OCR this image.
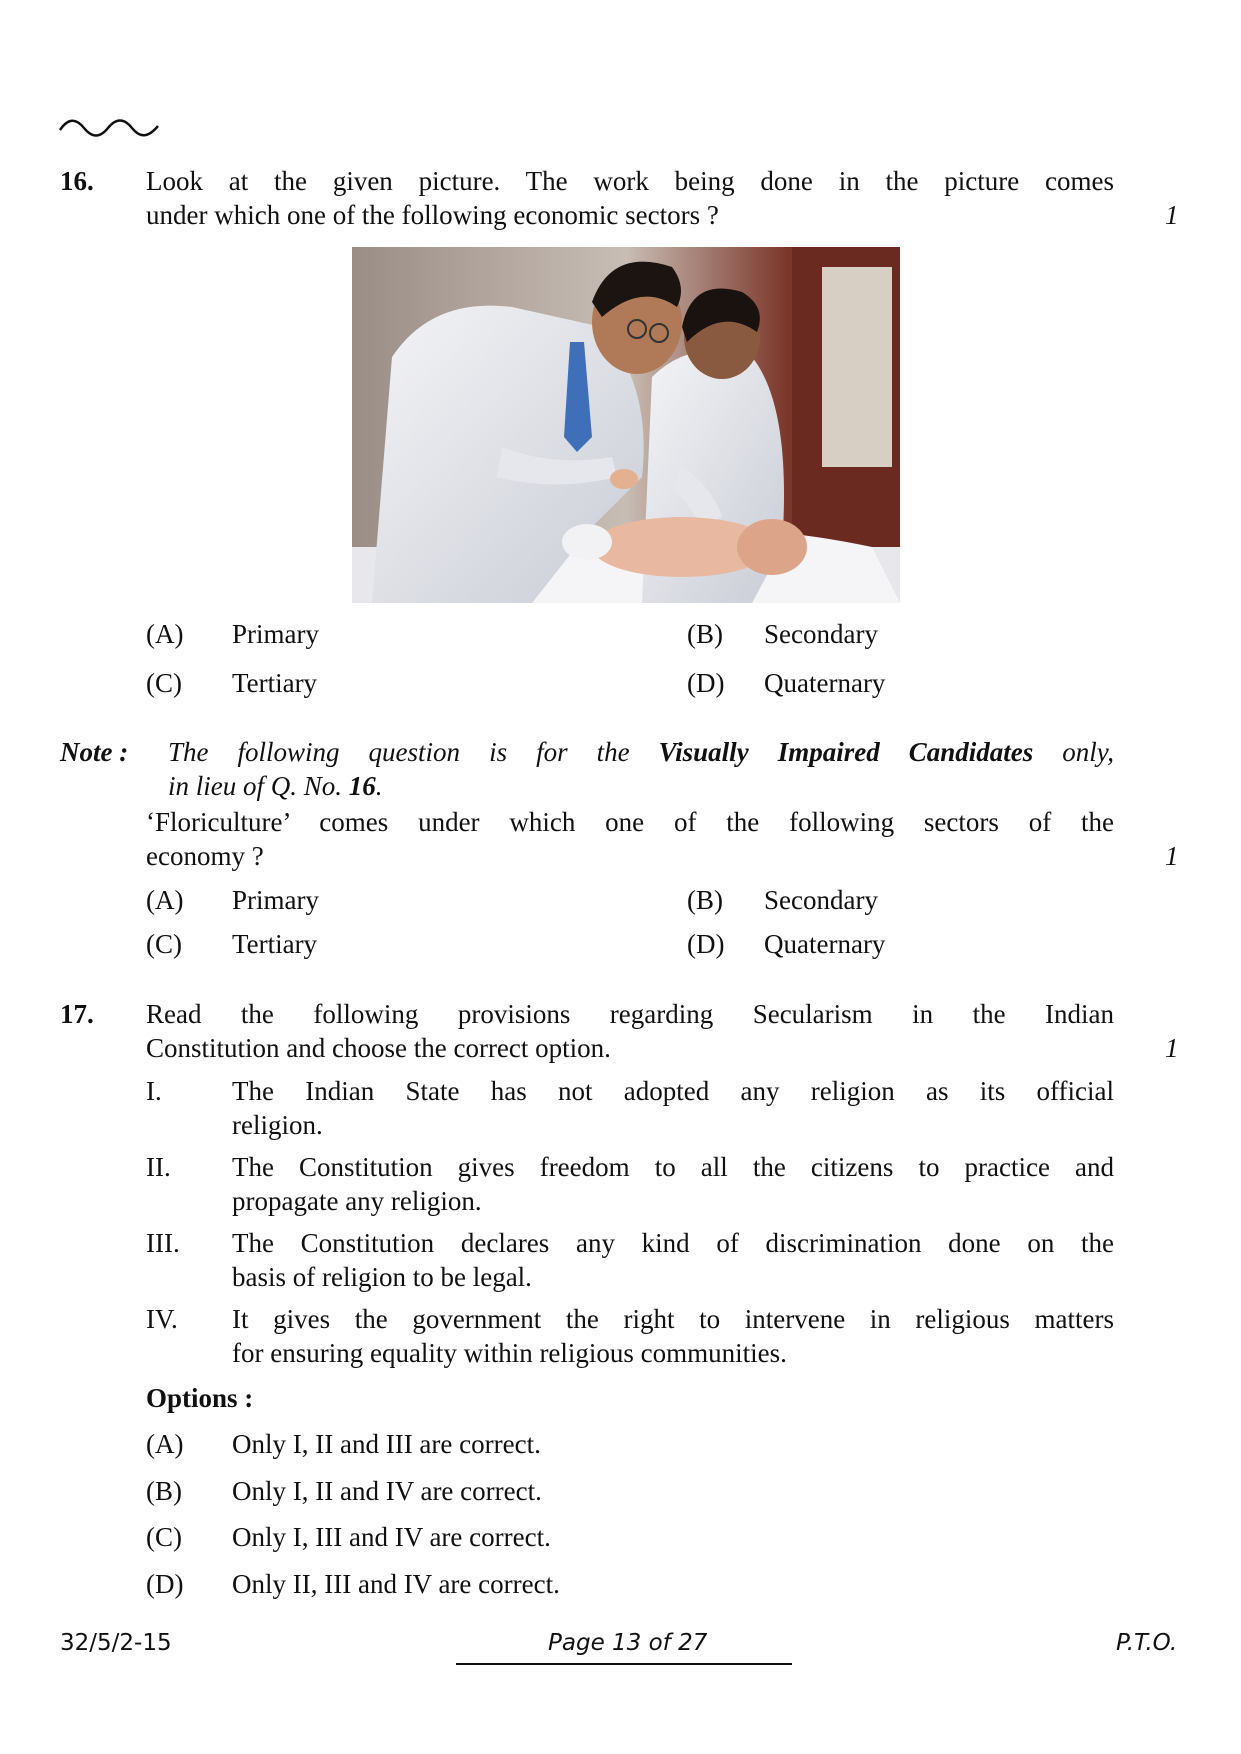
16. Look at the given picture. The work being done in the picture comes
under which one of the following economic sectors ?	1
(A) Primary	(B) Secondary
(C) Tertiary	(D) Quaternary
Note : The following question is for the Visually Impaired Candidates only,
in lieu of Q. No. 16.
‘Floriculture’ comes under which one of the following sectors of the
economy ?	1
(A) Primary	(B) Secondary
(C) Tertiary	(D) Quaternary
17. Read the following provisions regarding Secularism in the Indian
Constitution and choose the correct option.	1
I.	The Indian State has not adopted any religion as its official
religion.
II. The Constitution gives freedom to all the citizens to practice and
propagate any religion.
III. The Constitution declares any kind of discrimination done on the
basis of religion to be legal.
IV. It gives the government the right to intervene in religious matters
for ensuring equality within religious communities.
Options :
(A) Only I, II and III are correct.
(B) Only I, II and IV are correct.
(C) Only I, III and IV are correct.
(D) Only II, III and IV are correct.
32/5/2-15	Page 13 of 27	P.T.O.
